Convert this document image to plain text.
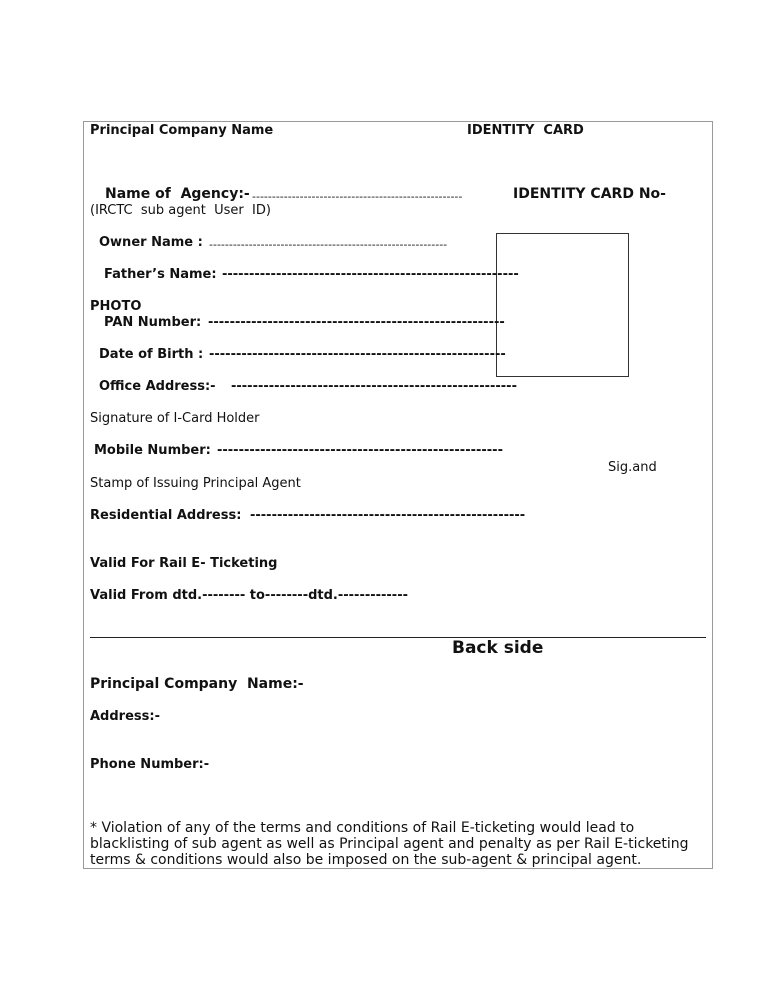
Principal Company Name	IDENTITY  CARD
Name of  Agency:- -----------------------------------------------------	IDENTITY CARD No-
(IRCTC  sub agent  User  ID)
Owner Name : ------------------------------------------------------------
Father’s Name: -------------------------------------------------------
PHOTO
PAN Number: -------------------------------------------------------
Date of Birth : -------------------------------------------------------
Office Address:- -----------------------------------------------------
Signature of I-Card Holder
Mobile Number: -----------------------------------------------------
Sig.and
Stamp of Issuing Principal Agent
Residential Address: ---------------------------------------------------
Valid For Rail E- Ticketing
Valid From dtd.-------- to--------dtd.-------------
Back side
Principal Company  Name:-
Address:-
Phone Number:-
* Violation of any of the terms and conditions of Rail E-ticketing would lead to
blacklisting of sub agent as well as Principal agent and penalty as per Rail E-ticketing
terms & conditions would also be imposed on the sub-agent & principal agent.
